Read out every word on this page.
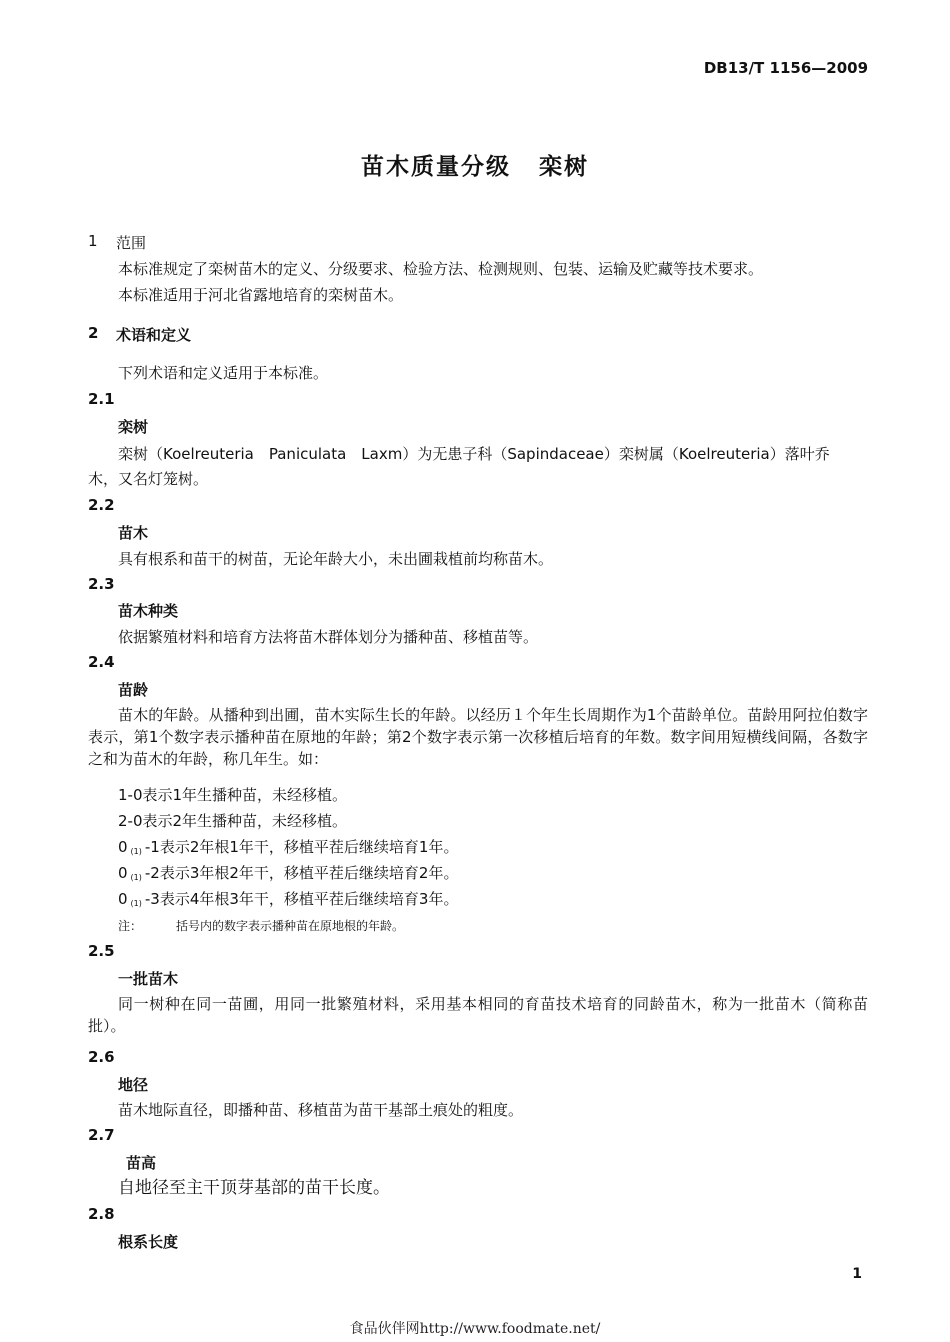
DB13/T 1156—2009
苗木质量分级 栾树
1 范围
本标准规定了栾树苗木的定义、分级要求、检验方法、检测规则、包装、运输及贮藏等技术要求。
本标准适用于河北省露地培育的栾树苗木。
2 术语和定义
下列术语和定义适用于本标准。
2.1
栾树
栾树（Koelreuteria　Paniculata　Laxm）为无患子科（Sapindaceae）栾树属（Koelreuteria）落叶乔
木，又名灯笼树。
2.2
苗木
具有根系和苗干的树苗，无论年龄大小，未出圃栽植前均称苗木。
2.3
苗木种类
依据繁殖材料和培育方法将苗木群体划分为播种苗、移植苗等。
2.4
苗龄
苗木的年龄。从播种到出圃，苗木实际生长的年龄。以经历１个年生长周期作为1个苗龄单位。苗龄用阿拉伯数字表示，第1个数字表示播种苗在原地的年龄；第2个数字表示第一次移植后培育的年数。数字间用短横线间隔，各数字之和为苗木的年龄，称几年生。如：
1-0表示1年生播种苗，未经移植。
2-0表示2年生播种苗，未经移植。
0 $_{(1)}$ -1表示2年根1年干，移植平茬后继续培育1年。
0 $_{(1)}$ -2表示3年根2年干，移植平茬后继续培育2年。
0 $_{(1)}$ -3表示4年根3年干，移植平茬后继续培育3年。
注：	括号内的数字表示播种苗在原地根的年龄。
2.5
一批苗木
同一树种在同一苗圃，用同一批繁殖材料，采用基本相同的育苗技术培育的同龄苗木，称为一批苗木（简称苗批）。
2.6
地径
苗木地际直径，即播种苗、移植苗为苗干基部土痕处的粗度。
2.7
苗高
自地径至主干顶芽基部的苗干长度。
2.8
根系长度
1
食品伙伴网http://www.foodmate.net/
